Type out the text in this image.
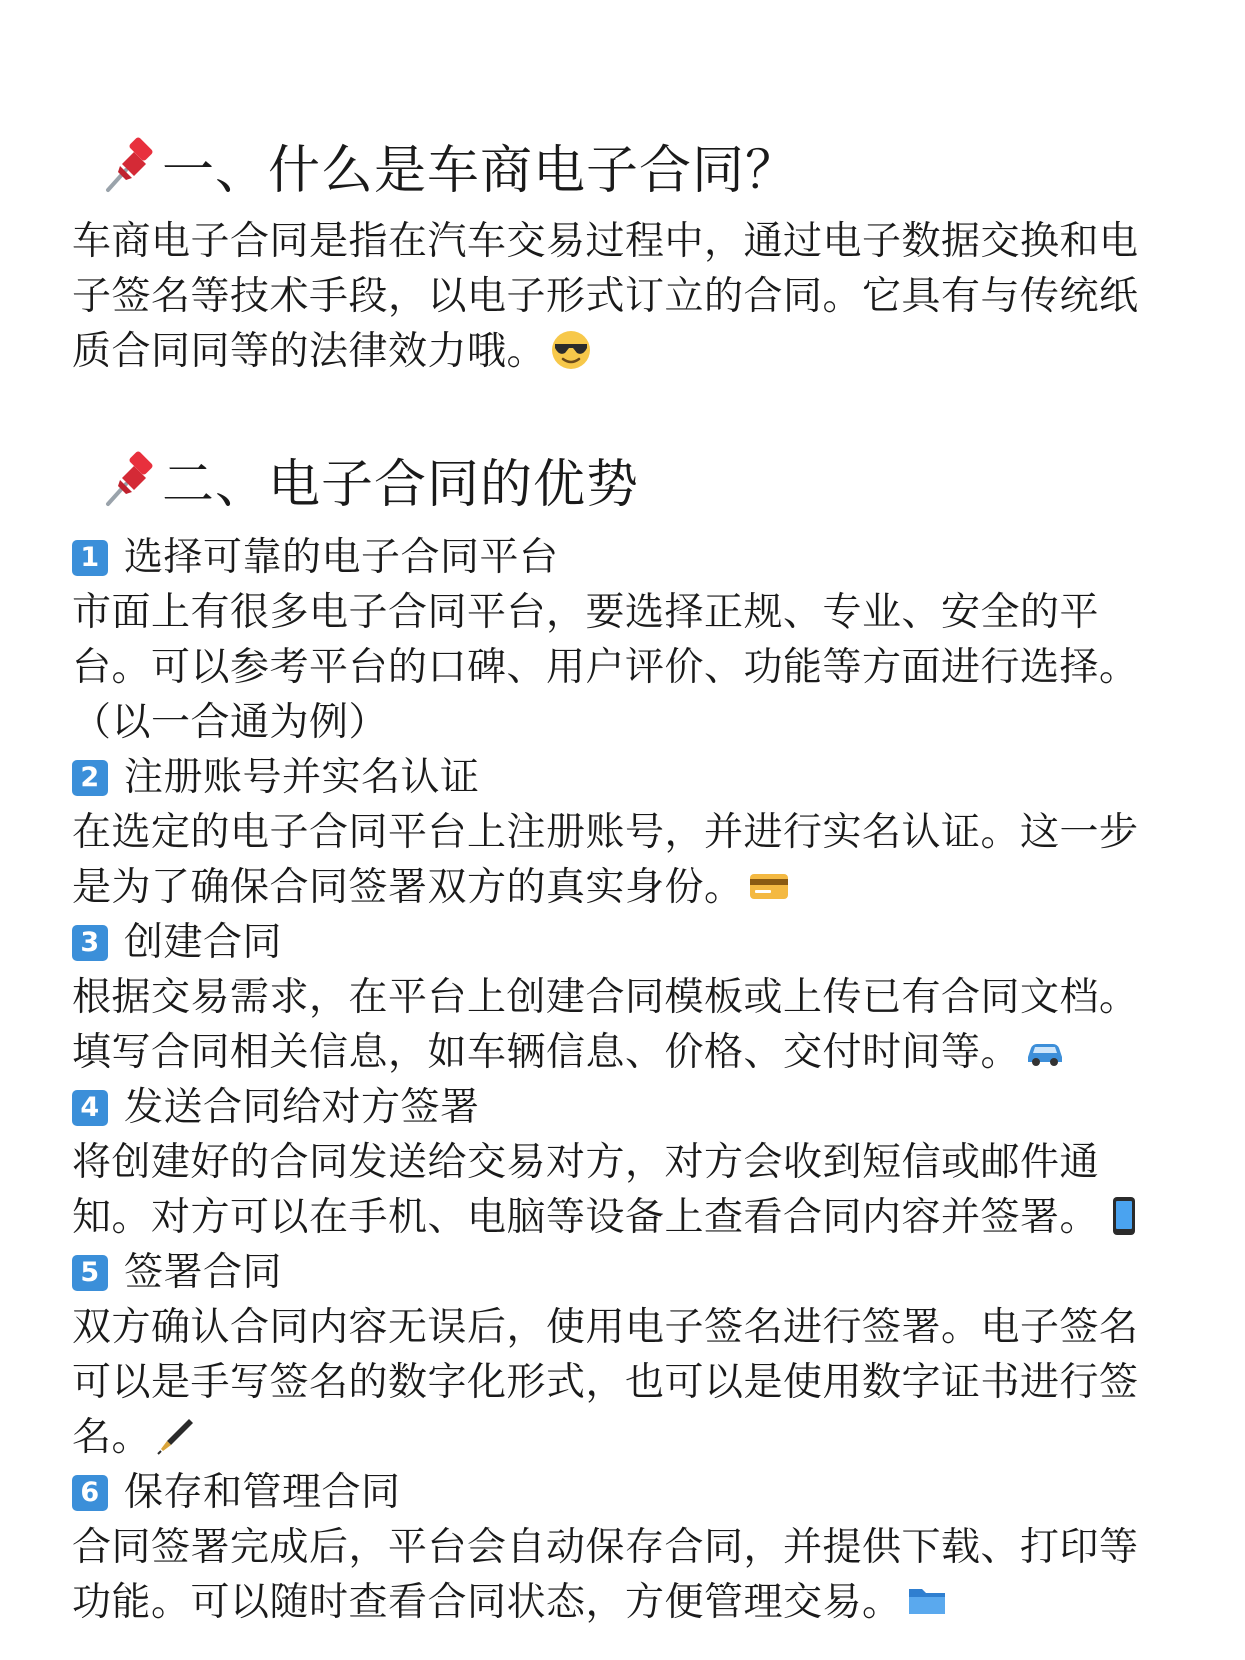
一、什么是车商电子合同？
车商电子合同是指在汽车交易过程中，通过电子数据交换和电
子签名等技术手段，以电子形式订立的合同。它具有与传统纸
质合同同等的法律效力哦。
二、电子合同的优势
1 选择可靠的电子合同平台
市面上有很多电子合同平台，要选择正规、专业、安全的平
台。可以参考平台的口碑、用户评价、功能等方面进行选择。
（以一合通为例）
2 注册账号并实名认证
在选定的电子合同平台上注册账号，并进行实名认证。这一步
是为了确保合同签署双方的真实身份。
3 创建合同
根据交易需求，在平台上创建合同模板或上传已有合同文档。
填写合同相关信息，如车辆信息、价格、交付时间等。
4 发送合同给对方签署
将创建好的合同发送给交易对方，对方会收到短信或邮件通
知。对方可以在手机、电脑等设备上查看合同内容并签署。
5 签署合同
双方确认合同内容无误后，使用电子签名进行签署。电子签名
可以是手写签名的数字化形式，也可以是使用数字证书进行签
名。
6 保存和管理合同
合同签署完成后，平台会自动保存合同，并提供下载、打印等
功能。可以随时查看合同状态，方便管理交易。
